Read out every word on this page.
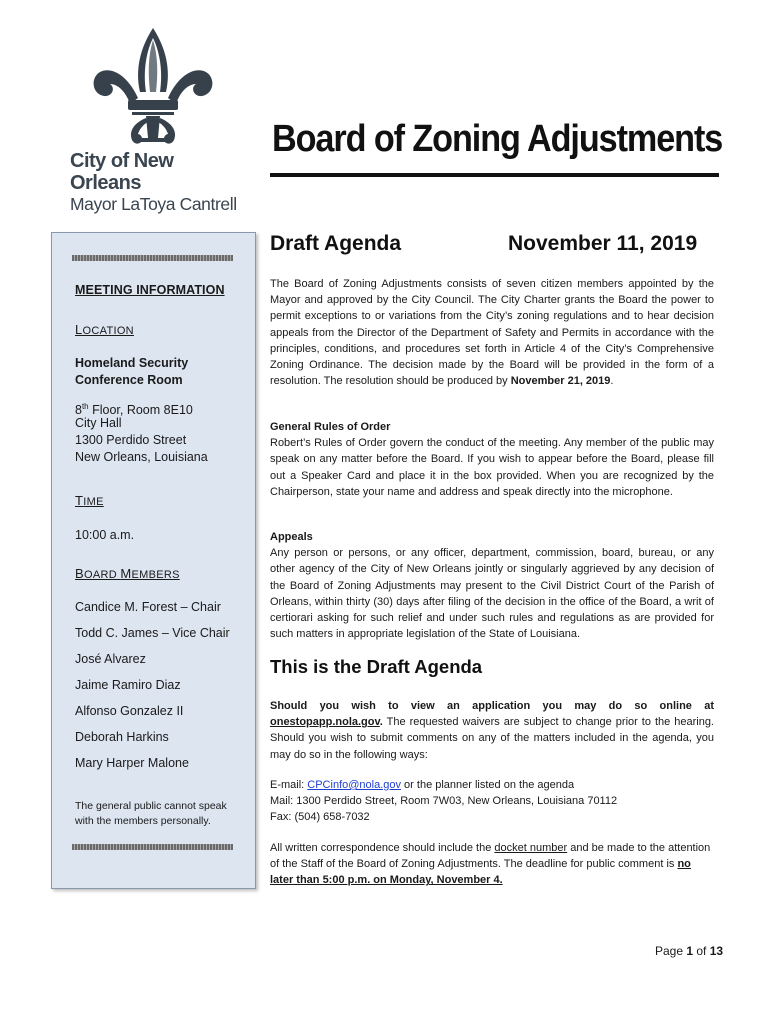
City of New Orleans
Mayor LaToya Cantrell
Board of Zoning Adjustments
MEETING INFORMATION
LOCATION
Homeland Security
Conference Room
8th Floor, Room 8E10
City Hall
1300 Perdido Street
New Orleans, Louisiana
TIME
10:00 a.m.
BOARD MEMBERS
Candice M. Forest – Chair
Todd C. James – Vice Chair
José Alvarez
Jaime Ramiro Diaz
Alfonso Gonzalez II
Deborah Harkins
Mary Harper Malone
The general public cannot speak
with the members personally.
Draft Agenda	November 11, 2019

The Board of Zoning Adjustments consists of seven citizen members appointed by the Mayor and approved by the City Council. The City Charter grants the Board the power to permit exceptions to or variations from the City’s zoning regulations and to hear decision appeals from the Director of the Department of Safety and Permits in accordance with the principles, conditions, and procedures set forth in Article 4 of the City’s Comprehensive Zoning Ordinance. The decision made by the Board will be provided in the form of a resolution. The resolution should be produced by November 21, 2019.

General Rules of Order

Robert’s Rules of Order govern the conduct of the meeting. Any member of the public may speak on any matter before the Board. If you wish to appear before the Board, please fill out a Speaker Card and place it in the box provided. When you are recognized by the Chairperson, state your name and address and speak directly into the microphone.

Appeals

Any person or persons, or any officer, department, commission, board, bureau, or any other agency of the City of New Orleans jointly or singularly aggrieved by any decision of the Board of Zoning Adjustments may present to the Civil District Court of the Parish of Orleans, within thirty (30) days after filing of the decision in the office of the Board, a writ of certiorari asking for such relief and under such rules and regulations as are provided for such matters in appropriate legislation of the State of Louisiana.

This is the Draft Agenda

Should you wish to view an application you may do so online at onestopapp.nola.gov. The requested waivers are subject to change prior to the hearing. Should you wish to submit comments on any of the matters included in the agenda, you may do so in the following ways:

E-mail: CPCinfo@nola.gov or the planner listed on the agenda

Mail: 1300 Perdido Street, Room 7W03, New Orleans, Louisiana 70112

Fax: (504) 658-7032

All written correspondence should include the docket number and be made to the attention of the Staff of the Board of Zoning Adjustments. The deadline for public comment is no later than 5:00 p.m. on Monday, November 4.

Page 1 of 13
